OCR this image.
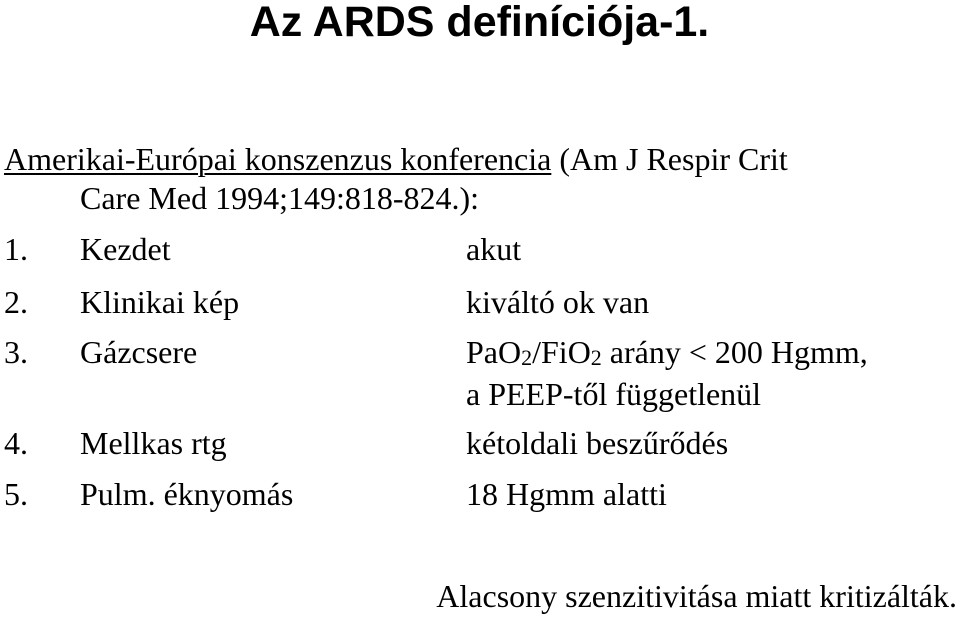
Az ARDS definíciója-1.
Amerikai-Európai konszenzus konferencia (Am J Respir Crit
Care Med 1994;149:818-824.):
1. Kezdet	akut
2. Klinikai kép	kiváltó ok van
3. Gázcsere	PaO$_2$/FiO$_2$ arány < 200 Hgmm,
a PEEP-től függetlenül
4. Mellkas rtg	kétoldali beszűrődés
5. Pulm. éknyomás	18 Hgmm alatti
Alacsony szenzitivitása miatt kritizálták.
